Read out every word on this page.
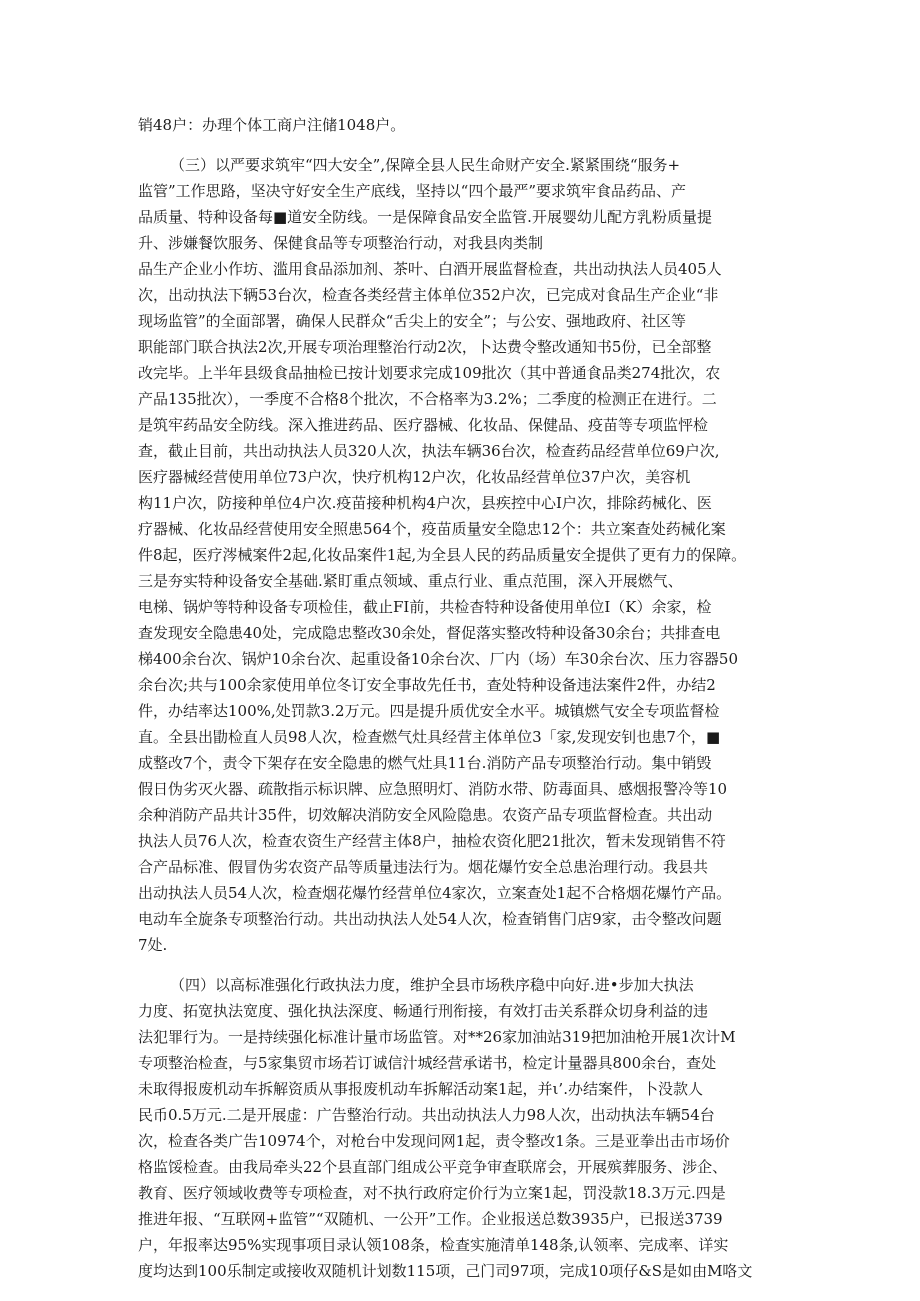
销48户：办理个体工商户注储1048户。
（三）以严要求筑牢“四大安全”,保障全县人民生命财产安全.紧紧围绕“服务+
监管”工作思路，坚决守好安全生产底线，坚持以“四个最严”要求筑牢食品药品、产
品质量、特种设备每■道安全防线。一是保障食品安全监管.开展婴幼儿配方乳粉质量提
升、涉嫌餐饮服务、保健食品等专项整治行动，对我县肉类制
品生产企业小作坊、滥用食品添加剂、茶叶、白酒开展监督检查，共出动执法人员405人
次，出动执法下辆53台次，检查各类经营主体单位352户次，已完成对食品生产企业“非
现场监管”的全面部署，确保人民群众“舌尖上的安全”；与公安、强地政府、社区等
职能部门联合执法2次,开展专项治理整治行动2次，卜达费令整改通知书5份，已全部整
改完毕。上半年县级食品抽检已按计划要求完成109批次（其中普通食品类274批次，农
产品135批次），一季度不合格8个批次，不合格率为3.2%；二季度的检测正在进行。二
是筑牢药品安全防线。深入推进药品、医疗器械、化妆品、保健品、疫苗等专项监怦检
查，截止目前，共出动执法人员320人次，执法车辆36台次，检查药品经营单位69户次,
医疗器械经营使用单位73户次，快疗机构12户次，化妆品经营单位37户次，美容机
构11户次，防接种单位4户次.疫苗接种机构4户次，县疾控中心I户次，排除药械化、医
疗器械、化妆品经营使用安全照患564个，疫苗质量安全隐忠12个：共立案查处药械化案
件8起，医疗涔械案件2起,化妆品案件1起,为全县人民的药品质量安全提供了更有力的保障。
三是夯实特种设备安全基础.紧盯重点领域、重点行业、重点范围，深入开展燃气、
电梯、锅炉等特种设备专项检佳，截止FI前，共检杳特种设备使用单位I（K）余家，检
查发现安全隐患40处，完成隐忠整改30余处，督促落实整改特种设备30余台；共排查电
梯400余台次、锅炉10余台次、起重设备10余台次、厂内（场）车30余台次、压力容器50
余台次;共与100余家使用单位冬订安全事故先任书，查处特种设备违法案件2件，办结2
件，办结率达100%,处罚款3.2万元。四是提升质优安全水平。城镇燃气安全专项监督检
直。全县出勖检直人员98人次，检查燃气灶具经营主体单位3「家,发现安钊也患7个，■
成整改7个，责令下架存在安全隐患的燃气灶具11台.消防产品专项整治行动。集中销毁
假日伪劣灭火器、疏散指示标识牌、应急照明灯、消防水带、防毒面具、感烟报警冷等10
余种消防产品共计35件，切效解决消防安全风险隐患。农资产品专项监督检查。共出动
执法人员76人次，检查农资生产经营主体8户，抽检农资化肥21批次，暂未发现销售不符
合产品标准、假冒伪劣农资产品等质量违法行为。烟花爆竹安全总患治理行动。我县共
出动执法人员54人次，检查烟花爆竹经营单位4家次，立案查处1起不合格烟花爆竹产品。
电动车全旋条专项整治行动。共出动执法人处54人次，检查销售门店9家，击令整改问题
7处.
（四）以高标准强化行政执法力度，维护全县市场秩序稳中向好.进•步加大执法
力度、拓宽执法宽度、强化执法深度、畅通行刑衔接，有效打击关系群众切身利益的违
法犯罪行为。一是持续强化标准计量市场监管。对**26家加油站319把加油枪开展1次计M
专项整治检查，与5家集贸市场若订诚信汁城经营承诺书，检定计量器具800余台，查处
未取得报废机动车拆解资质从事报废机动车拆解活动案1起，并ι’.办结案件，卜没款人
民币0.5万元.二是开展虚：广告整治行动。共出动执法人力98人次，出动执法车辆54台
次，检查各类广告10974个，对枪台中发现问网1起，责令整改1条。三是亚拳出击市场价
格监馁检查。由我局牵头22个县直部门组成公平竞争审查联席会，开展殡葬服务、涉企、
教育、医疗领域收费等专项检查，对不执行政府定价行为立案1起，罚没款18.3万元.四是
推进年报、“互联网+监管”“双随机、一公开”工作。企业报送总数3935户，已报送3739
户，年报率达95%实现事项目录认领108条，检查实施清单148条,认领率、完成率、详实
度均达到100乐制定或接收双随机计划数115项，己门司97项，完成10项仔&S是如由M咯文
